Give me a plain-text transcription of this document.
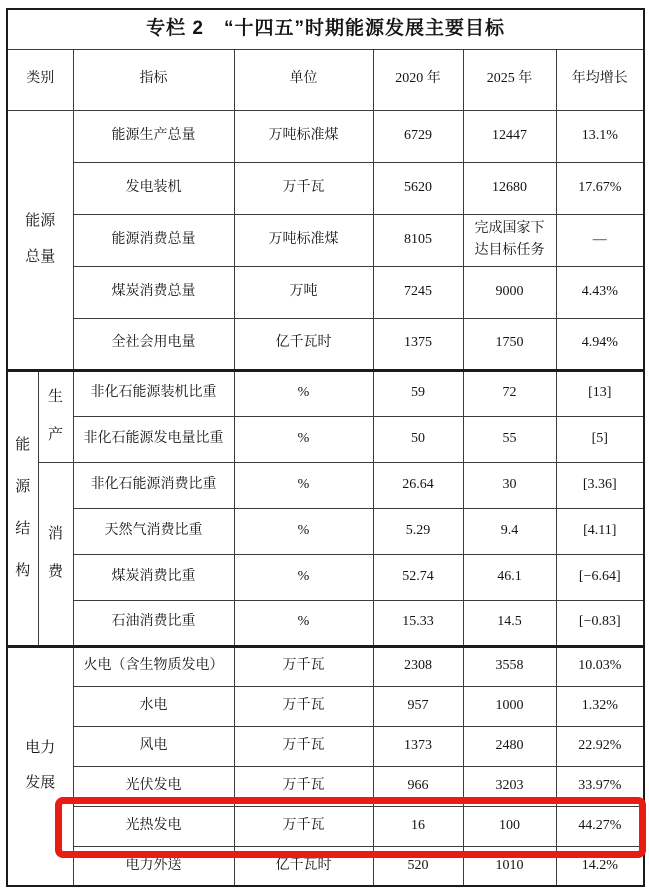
专栏 2　“十四五”时期能源发展主要目标						
类别		指标	单位	2020 年	2025 年	年均增长
能源总量		能源生产总量	万吨标准煤	6729	12447	13.1%
		发电装机	万千瓦	5620	12680	17.67%
		能源消费总量	万吨标准煤	8105	完成国家下达目标任务	—
		煤炭消费总量	万吨	7245	9000	4.43%
		全社会用电量	亿千瓦时	1375	1750	4.94%
能源结构	生产	非化石能源装机比重	%	59	72	[13]
		非化石能源发电量比重	%	50	55	[5]
	消费	非化石能源消费比重	%	26.64	30	[3.36]
		天然气消费比重	%	5.29	9.4	[4.11]
		煤炭消费比重	%	52.74	46.1	[−6.64]
		石油消费比重	%	15.33	14.5	[−0.83]
电力发展		火电（含生物质发电）	万千瓦	2308	3558	10.03%
		水电	万千瓦	957	1000	1.32%
		风电	万千瓦	1373	2480	22.92%
		光伏发电	万千瓦	966	3203	33.97%
		光热发电	万千瓦	16	100	44.27%
		电力外送	亿千瓦时	520	1010	14.2%
